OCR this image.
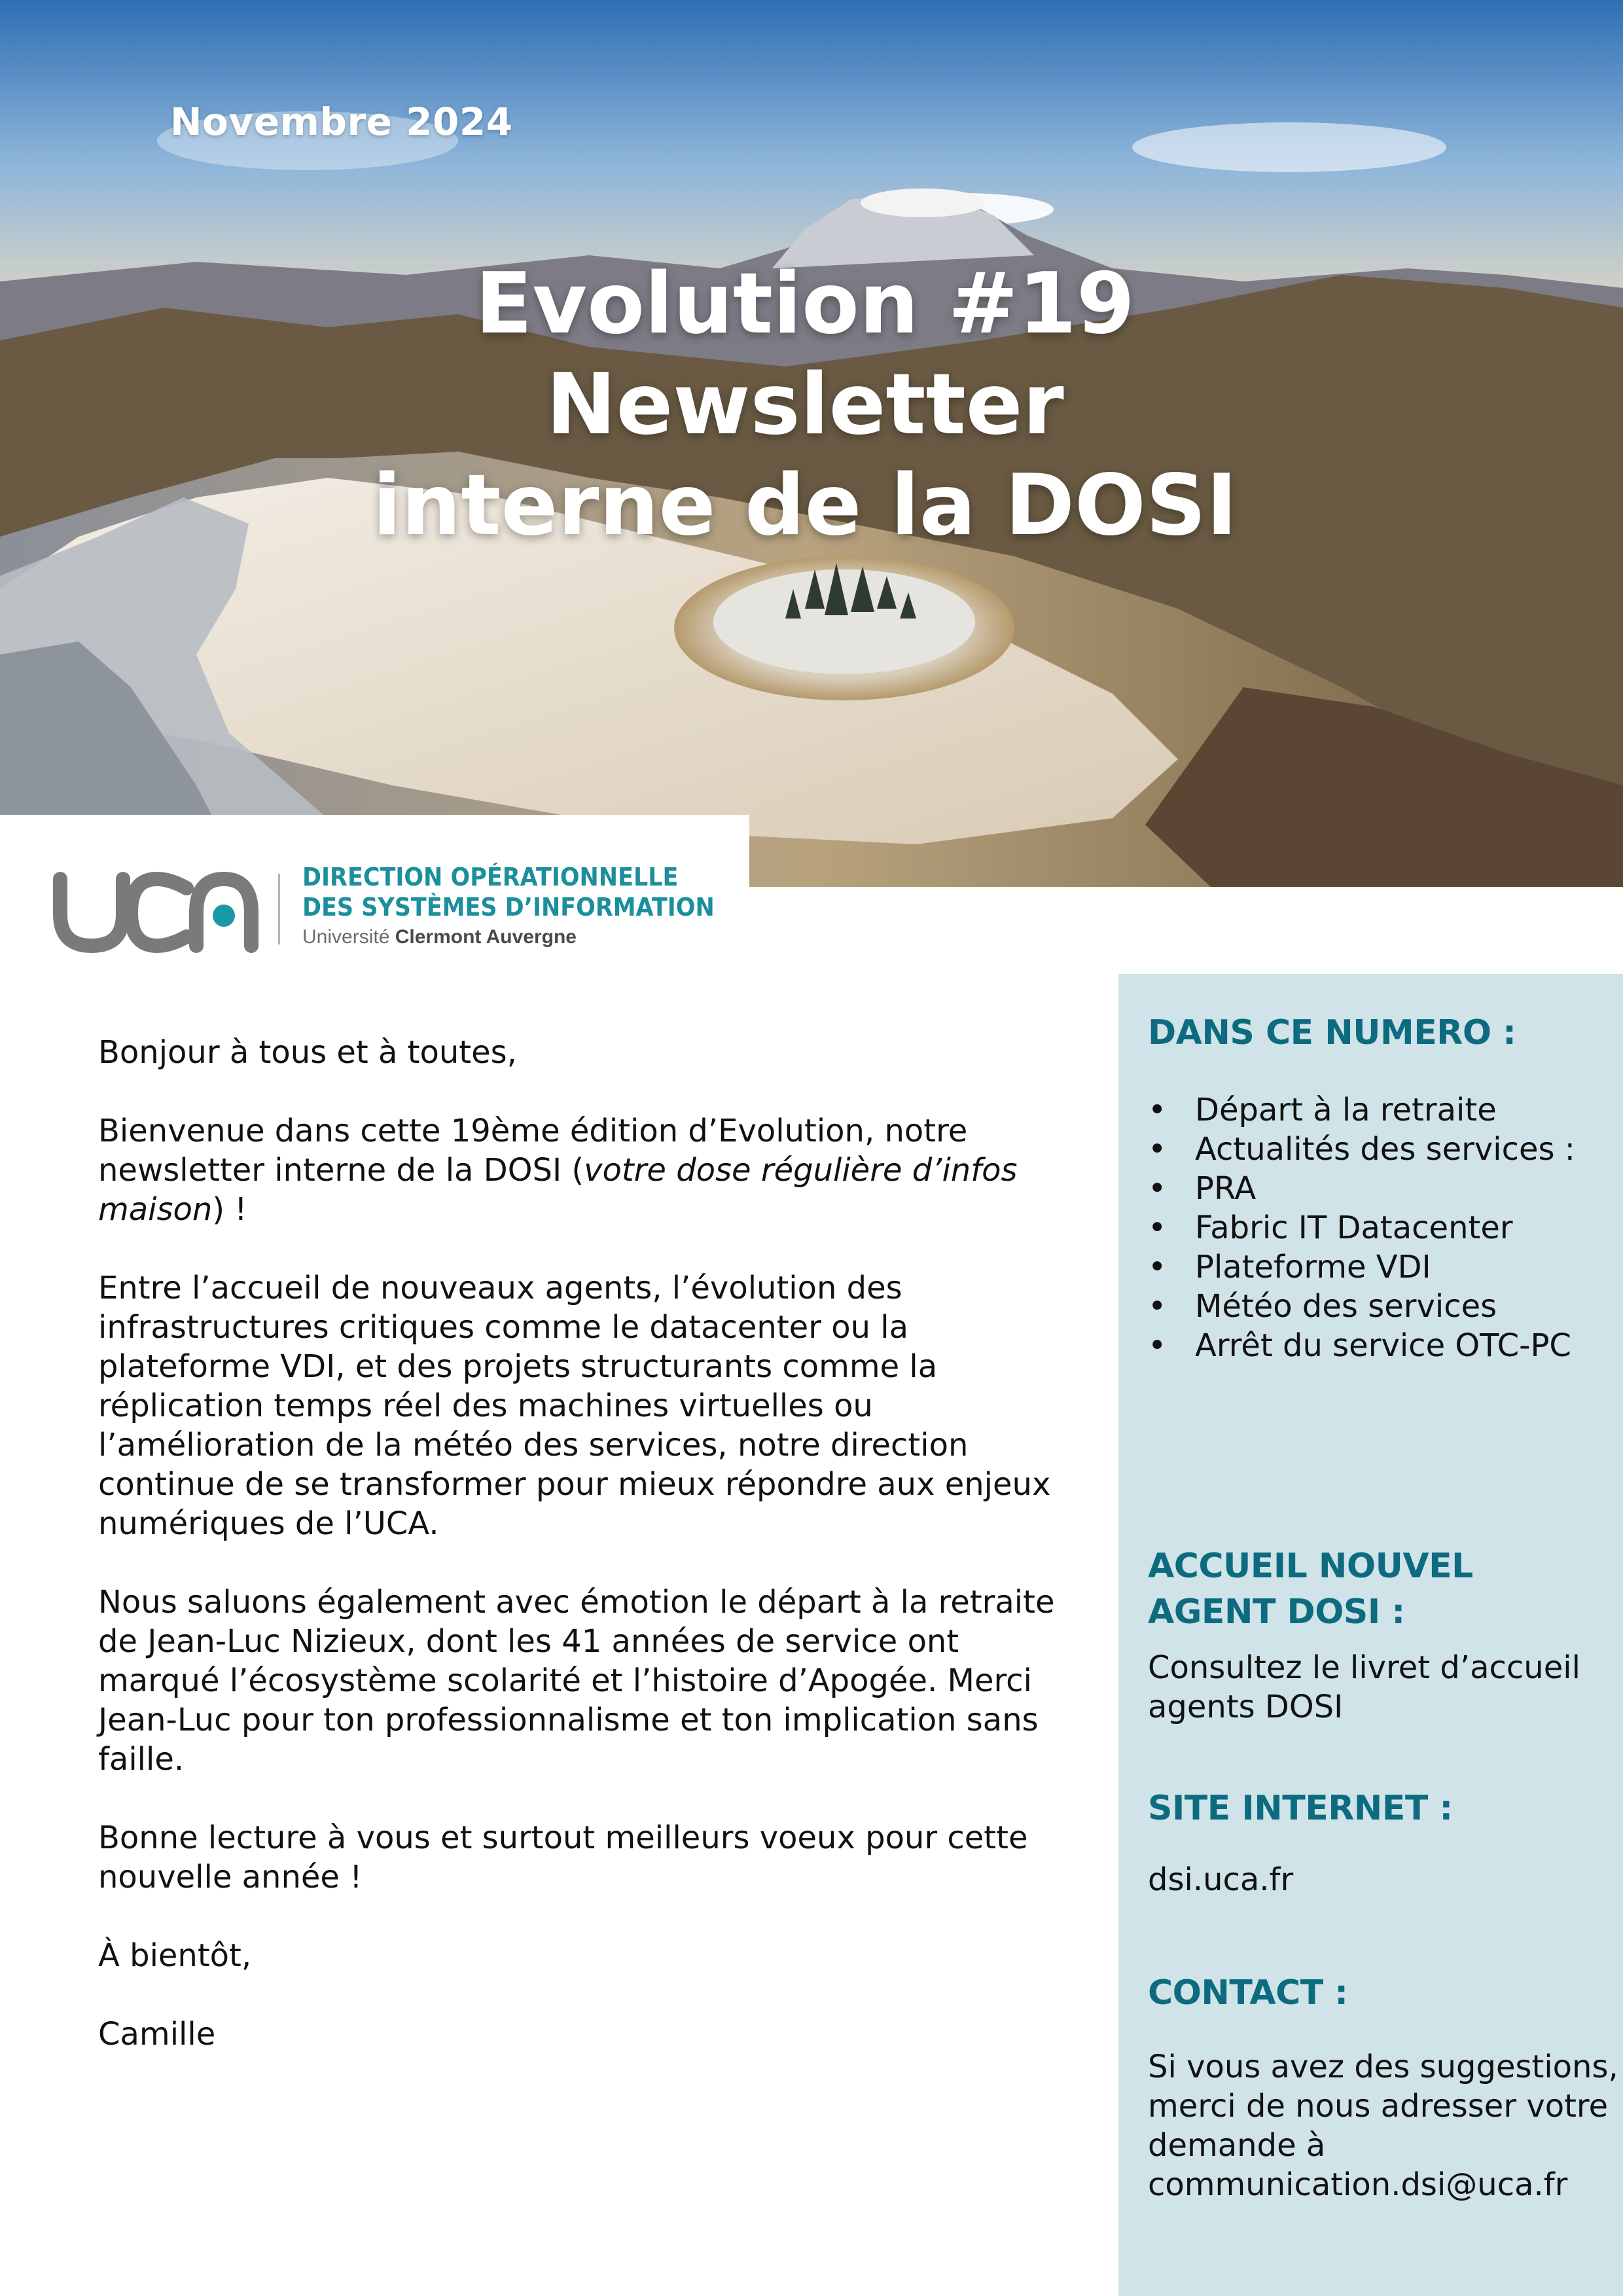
Novembre 2024
Evolution #19
Newsletter
interne de la DOSI
DIRECTION OPÉRATIONNELLE
DES SYSTÈMES D’INFORMATION
Université Clermont Auvergne

Bonjour à tous et à toutes,

Bienvenue dans cette 19ème édition d’Evolution, notre newsletter interne de la DOSI (votre dose régulière d’infos maison) !

Entre l’accueil de nouveaux agents, l’évolution des infrastructures critiques comme le datacenter ou la plateforme VDI, et des projets structurants comme la réplication temps réel des machines virtuelles ou l’amélioration de la météo des services, notre direction continue de se transformer pour mieux répondre aux enjeux numériques de l’UCA.

Nous saluons également avec émotion le départ à la retraite de Jean-Luc Nizieux, dont les 41 années de service ont marqué l’écosystème scolarité et l’histoire d’Apogée. Merci Jean-Luc pour ton professionnalisme et ton implication sans faille.

Bonne lecture à vous et surtout meilleurs voeux pour cette nouvelle année !

À bientôt,

Camille

DANS CE NUMERO :
• Départ à la retraite
• Actualités des services :
• PRA
• Fabric IT Datacenter
• Plateforme VDI
• Météo des services
• Arrêt du service OTC-PC
ACCUEIL NOUVEL
AGENT DOSI :
Consultez le livret d’accueil agents DOSI
SITE INTERNET :
dsi.uca.fr
CONTACT :
Si vous avez des suggestions, merci de nous adresser votre demande à communication.dsi@uca.fr
